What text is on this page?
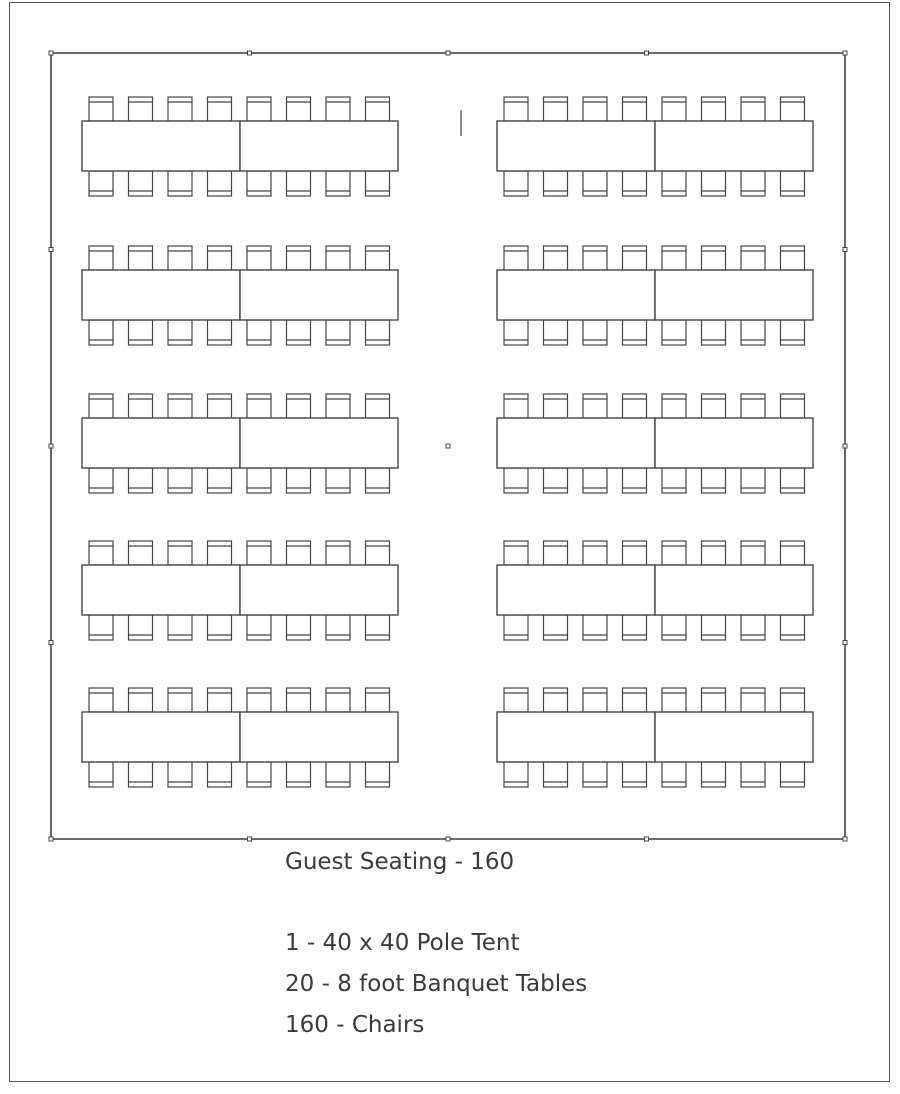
Guest Seating - 160
1 - 40 x 40 Pole Tent
20 - 8 foot Banquet Tables
160 - Chairs
